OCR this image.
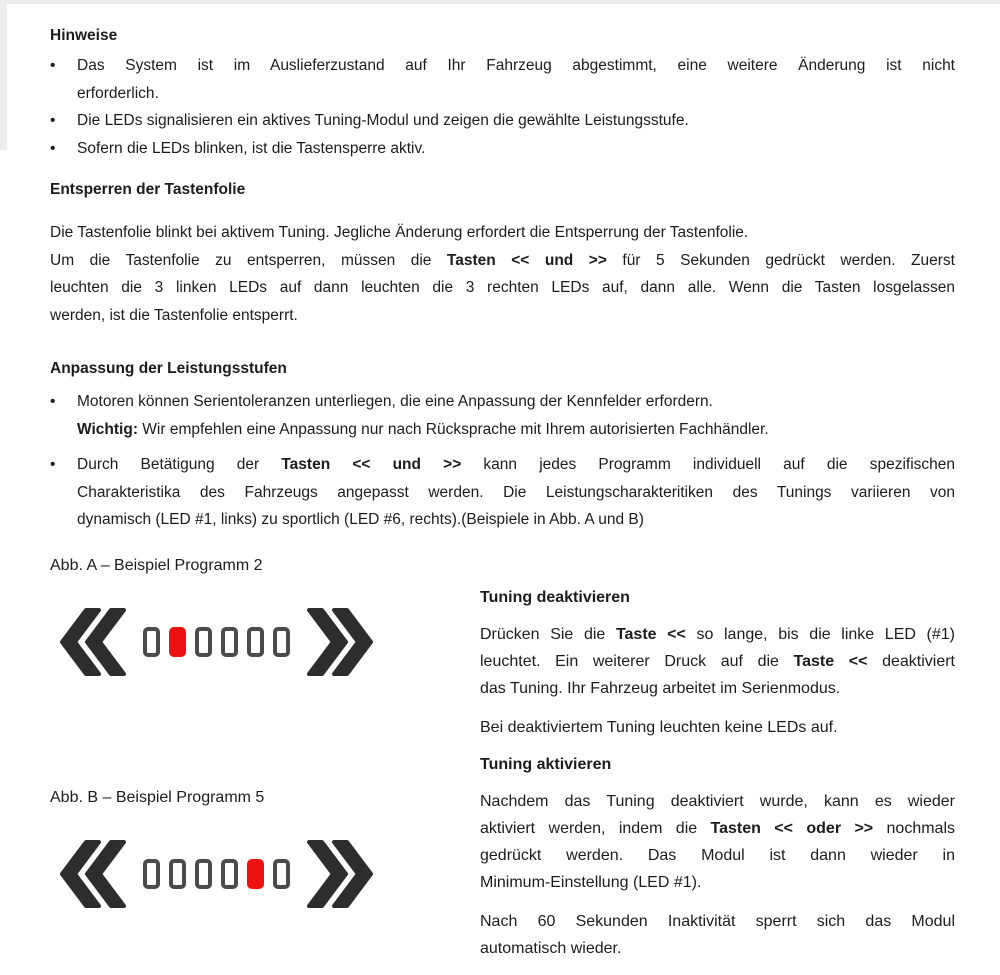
Hinweise
•	Das System ist im Auslieferzustand auf Ihr Fahrzeug abgestimmt, eine weitere Änderung ist nicht
erforderlich.
•	Die LEDs signalisieren ein aktives Tuning-Modul und zeigen die gewählte Leistungsstufe.
•	Sofern die LEDs blinken, ist die Tastensperre aktiv.
Entsperren der Tastenfolie
Die Tastenfolie blinkt bei aktivem Tuning. Jegliche Änderung erfordert die Entsperrung der Tastenfolie.
Um die Tastenfolie zu entsperren, müssen die Tasten << und >> für 5 Sekunden gedrückt werden. Zuerst
leuchten die 3 linken LEDs auf dann leuchten die 3 rechten LEDs auf, dann alle. Wenn die Tasten losgelassen
werden, ist die Tastenfolie entsperrt.
Anpassung der Leistungsstufen
•	Motoren können Serientoleranzen unterliegen, die eine Anpassung der Kennfelder erfordern.
Wichtig: Wir empfehlen eine Anpassung nur nach Rücksprache mit Ihrem autorisierten Fachhändler.
•	Durch Betätigung der Tasten << und >> kann jedes Programm individuell auf die spezifischen
Charakteristika des Fahrzeugs angepasst werden. Die Leistungscharakteritiken des Tunings variieren von
dynamisch (LED #1, links) zu sportlich (LED #6, rechts).(Beispiele in Abb. A und B)

Abb. A – Beispiel Programm 2

Abb. B – Beispiel Programm 5

Tuning deaktivieren
Drücken Sie die Taste << so lange, bis die linke LED (#1)
leuchtet. Ein weiterer Druck auf die Taste << deaktiviert
das Tuning. Ihr Fahrzeug arbeitet im Serienmodus.
Bei deaktiviertem Tuning leuchten keine LEDs auf.
Tuning aktivieren
Nachdem das Tuning deaktiviert wurde, kann es wieder
aktiviert werden, indem die Tasten << oder >> nochmals
gedrückt werden. Das Modul ist dann wieder in
Minimum-Einstellung (LED #1).
Nach 60 Sekunden Inaktivität sperrt sich das Modul
automatisch wieder.
